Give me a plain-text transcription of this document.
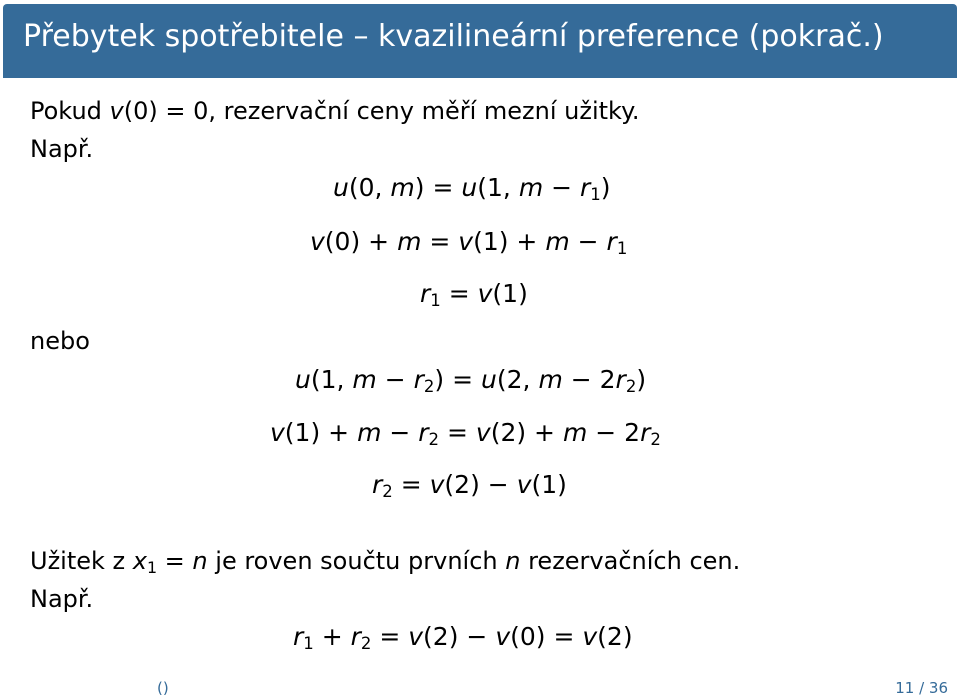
Přebytek spotřebitele – kvazilineární preference (pokrač.)
Pokud v(0) = 0, rezervační ceny měří mezní užitky.
Např.
u(0, m) = u(1, $m - r_1$)
$v(0) + m = v(1) + m - r_1$
$r_1 = v(1)$
nebo
u(1, $m - r_2) = u(2$, $m - 2r_2$)
$v(1) + m - r_2 = v(2) + m - 2r_2$
$r_2 = v(2) - v(1)$
Užitek z $x_1 = n$ je roven součtu prvních n rezervačních cen.
Např.
$r_1 + r_2 = v(2) - v(0) = v(2)$
()	11 / 36
